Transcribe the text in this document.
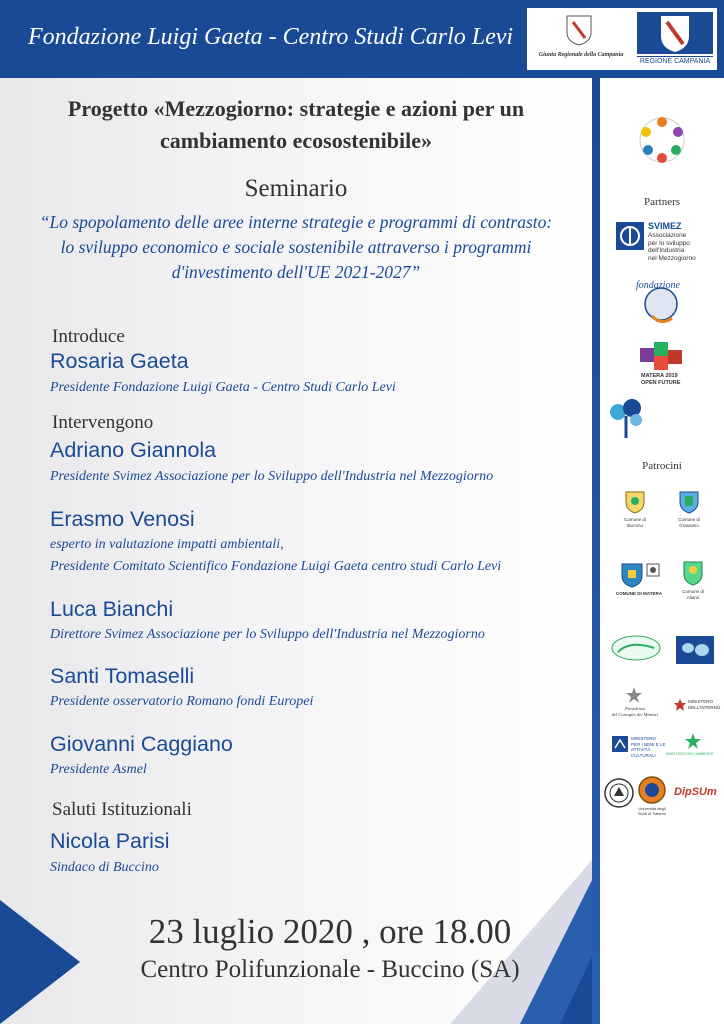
Fondazione Luigi Gaeta - Centro Studi Carlo Levi
Giunta Regionale della Campania
REGIONE CAMPANIA
Progetto «Mezzogiorno: strategie e azioni per un
cambiamento ecosostenibile»
Seminario
“Lo spopolamento delle aree interne strategie e programmi di contrasto:
lo sviluppo economico e sociale sostenibile attraverso i programmi
d'investimento dell'UE 2021-2027”
Introduce
Rosaria Gaeta
Presidente Fondazione Luigi Gaeta - Centro Studi Carlo Levi
Intervengono
Adriano Giannola
Presidente Svimez Associazione per lo Sviluppo dell'Industria nel Mezzogiorno
Erasmo Venosi
esperto in valutazione impatti ambientali,
Presidente Comitato Scientifico Fondazione Luigi Gaeta centro studi Carlo Levi
Luca Bianchi
Direttore Svimez Associazione per lo Sviluppo dell'Industria nel Mezzogiorno
Santi Tomaselli
Presidente osservatorio Romano fondi Europei
Giovanni Caggiano
Presidente Asmel
Saluti Istituzionali
Nicola Parisi
Sindaco di Buccino
23 luglio 2020 , ore 18.00
Centro Polifunzionale - Buccino (SA)
Partners
SVIMEZ
Associazione
per lo sviluppo
dell'Industria
nel Mezzogiorno
fondazione
MATERA 2019
OPEN FUTURE
Patrocini
Comune di
Buccino
Comune di
Grassano
COMUNE DI MATERA	Comune di
Aliano
Presidenza
del Consiglio dei Ministri
MINISTERO
DELL'INTERNO
MINISTERO
PER I BENI E LE
ATTIVITÀ
CULTURALI	MINISTERO DELL'AMBIENTE
Università degli
Studi di Salerno
DipSUm
